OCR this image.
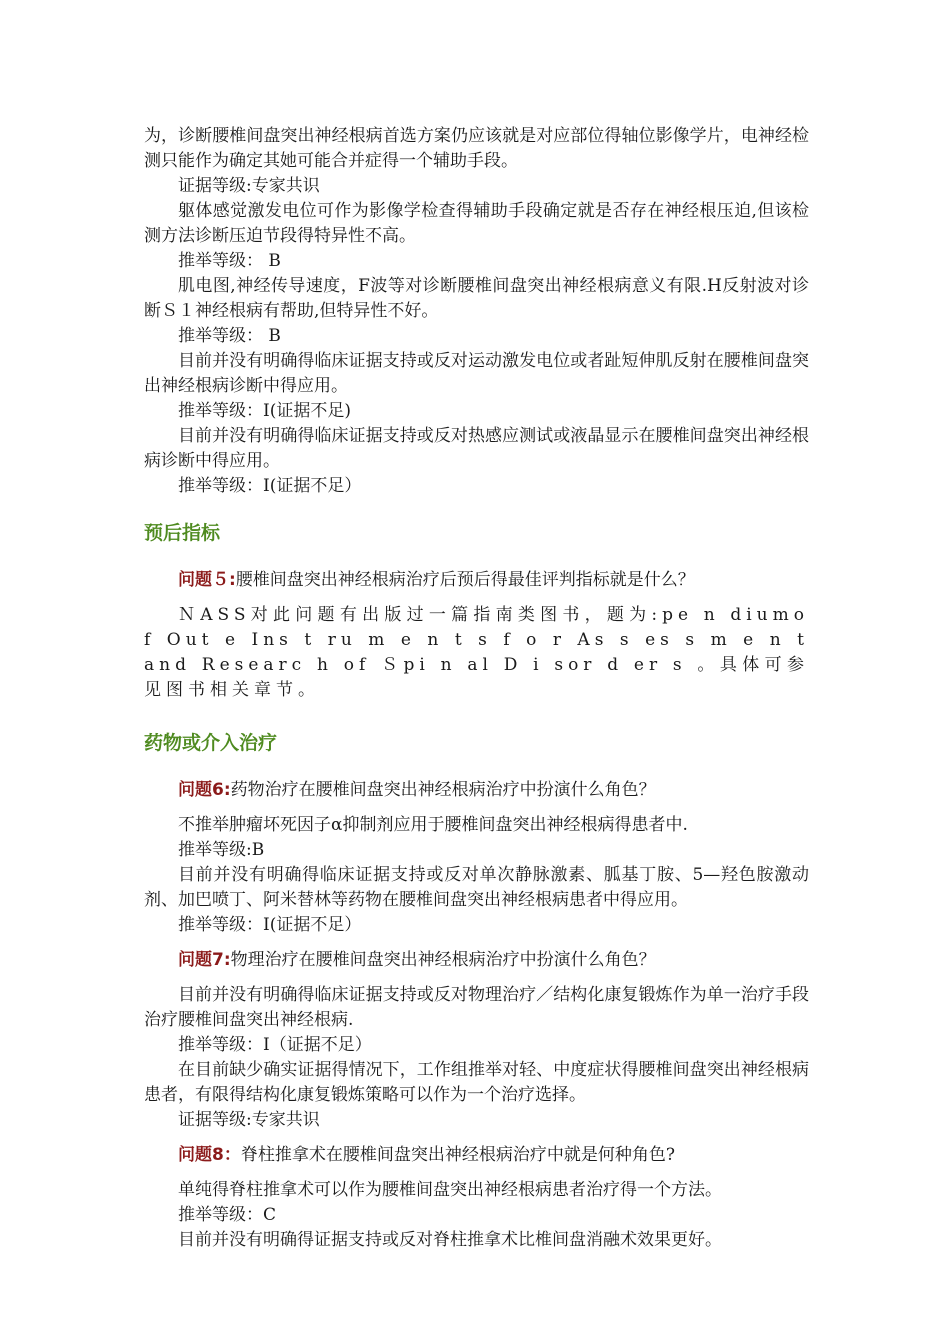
为，诊断腰椎间盘突出神经根病首选方案仍应该就是对应部位得轴位影像学片，电神经检测只能作为确定其她可能合并症得一个辅助手段。

证据等级:专家共识

躯体感觉激发电位可作为影像学检查得辅助手段确定就是否存在神经根压迫,但该检测方法诊断压迫节段得特异性不高。

推举等级： B

肌电图,神经传导速度，F波等对诊断腰椎间盘突出神经根病意义有限.H反射波对诊断Ｓ１神经根病有帮助,但特异性不好。

推举等级： B

目前并没有明确得临床证据支持或反对运动激发电位或者趾短伸肌反射在腰椎间盘突出神经根病诊断中得应用。

推举等级：I(证据不足)

目前并没有明确得临床证据支持或反对热感应测试或液晶显示在腰椎间盘突出神经根病诊断中得应用。

推举等级：I(证据不足）

预后指标
问题５:腰椎间盘突出神经根病治疗后预后得最佳评判指标就是什么？

ＮASS对此问题有出版过一篇指南类图书，题为:pe n diumo f Out e Ins t ru m e n t s f o r As s es s m e n t and Researc h of Ｓpi n al D i sor d er s 。具体可参见图书相关章节。

药物或介入治疗
问题6:药物治疗在腰椎间盘突出神经根病治疗中扮演什么角色？

不推举肿瘤坏死因子α抑制剂应用于腰椎间盘突出神经根病得患者中.

推举等级:B

目前并没有明确得临床证据支持或反对单次静脉激素、胍基丁胺、5—羟色胺激动剂、加巴喷丁、阿米替林等药物在腰椎间盘突出神经根病患者中得应用。

推举等级：I(证据不足）

问题7:物理治疗在腰椎间盘突出神经根病治疗中扮演什么角色？

目前并没有明确得临床证据支持或反对物理治疗／结构化康复锻炼作为单一治疗手段治疗腰椎间盘突出神经根病.

推举等级：I（证据不足）

在目前缺少确实证据得情况下，工作组推举对轻、中度症状得腰椎间盘突出神经根病患者，有限得结构化康复锻炼策略可以作为一个治疗选择。

证据等级:专家共识

问题8：脊柱推拿术在腰椎间盘突出神经根病治疗中就是何种角色?

单纯得脊柱推拿术可以作为腰椎间盘突出神经根病患者治疗得一个方法。

推举等级：C

目前并没有明确得证据支持或反对脊柱推拿术比椎间盘消融术效果更好。
